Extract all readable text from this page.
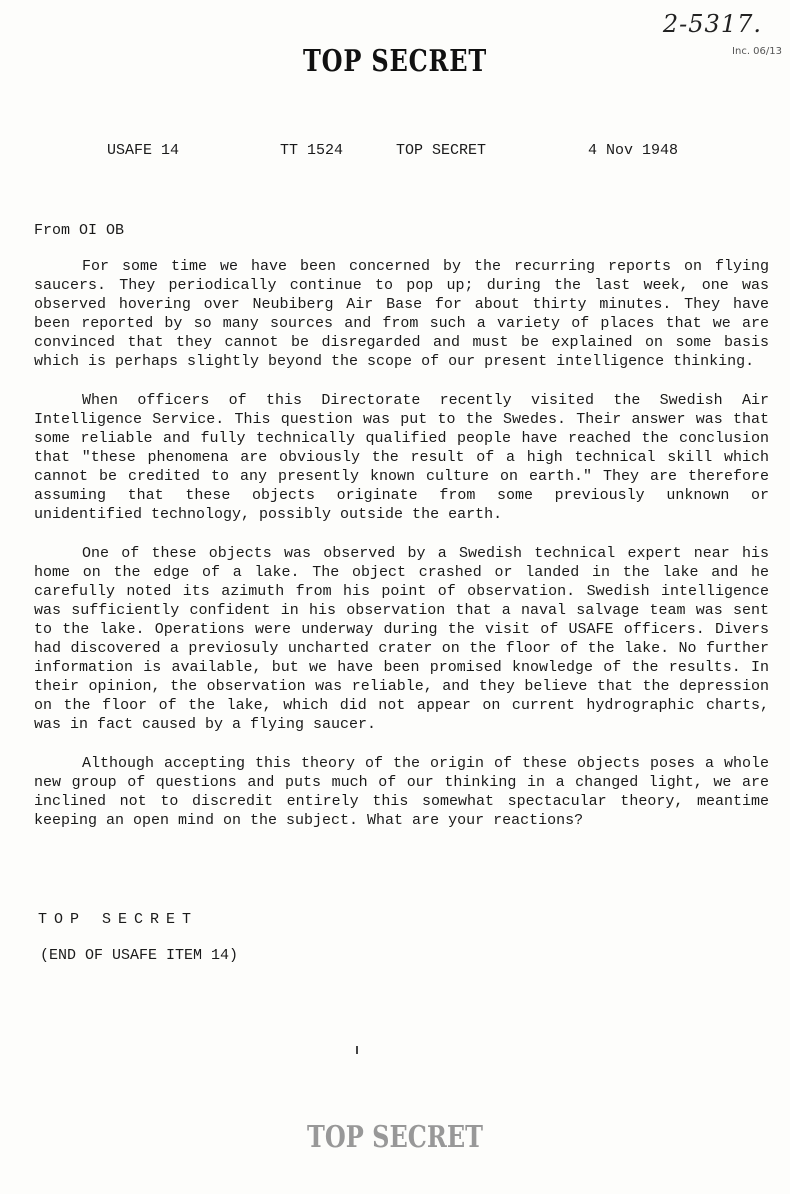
2-5317.
Inc. 06/13
TOP SECRET
USAFE 14	TT 1524	TOP SECRET	4 Nov 1948
From OI OB

For some time we have been concerned by the recurring reports on flying saucers. They periodically continue to pop up; during the last week, one was observed hovering over Neubiberg Air Base for about thirty minutes. They have been reported by so many sources and from such a variety of places that we are convinced that they cannot be disregarded and must be explained on some basis which is perhaps slightly beyond the scope of our present intelligence thinking.

When officers of this Directorate recently visited the Swedish Air Intelligence Service. This question was put to the Swedes. Their answer was that some reliable and fully technically qualified people have reached the conclusion that "these phenomena are obviously the result of a high technical skill which cannot be credited to any presently known culture on earth." They are therefore assuming that these objects originate from some previously unknown or unidentified technology, possibly outside the earth.

One of these objects was observed by a Swedish technical expert near his home on the edge of a lake. The object crashed or landed in the lake and he carefully noted its azimuth from his point of observation. Swedish intelligence was sufficiently confident in his observation that a naval salvage team was sent to the lake. Operations were underway during the visit of USAFE officers. Divers had discovered a previosuly uncharted crater on the floor of the lake. No further information is available, but we have been promised knowledge of the results. In their opinion, the observation was reliable, and they believe that the depression on the floor of the lake, which did not appear on current hydrographic charts, was in fact caused by a flying saucer.

Although accepting this theory of the origin of these objects poses a whole new group of questions and puts much of our thinking in a changed light, we are inclined not to discredit entirely this somewhat spectacular theory, meantime keeping an open mind on the subject. What are your reactions?

TOP SECRET
(END OF USAFE ITEM 14)
TOP SECRET
